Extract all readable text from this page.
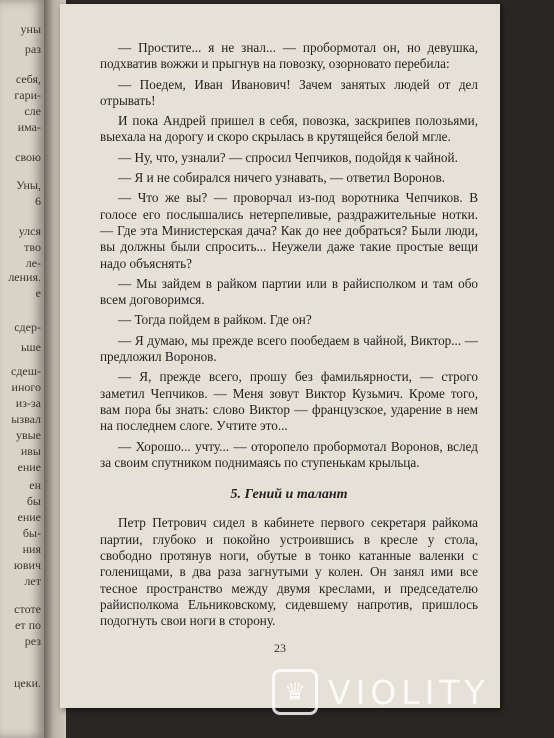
уны
раз
себя,
гари-
сле
има-
свою
Уны,
6
улся
тво
ле-
ления.
е
сдер-
ьше
сдеш-
иного
из-за
ызвал
увые
ивы
ение
ен
бы
ение
бы-
ния
ювич
лет
стоте
ет по
рез
цеки.

— Простите... я не знал... — пробормотал он, но девушка, подхватив вожжи и прыгнув на повозку, озорновато перебила:

— Поедем, Иван Иванович! Зачем занятых людей от дел отрывать!

И пока Андрей пришел в себя, повозка, заскрипев полозьями, выехала на дорогу и скоро скрылась в крутящейся белой мгле.

— Ну, что, узнали? — спросил Чепчиков, подойдя к чайной.

— Я и не собирался ничего узнавать, — ответил Воронов.

— Что же вы? — проворчал из-под воротника Чепчиков. В голосе его послышались нетерпеливые, раздражительные нотки. — Где эта Министерская дача? Как до нее добраться? Были люди, вы должны были спросить... Неужели даже такие простые вещи надо объяснять?

— Мы зайдем в райком партии или в райисполком и там обо всем договоримся.

— Тогда пойдем в райком. Где он?

— Я думаю, мы прежде всего пообедаем в чайной, Виктор... — предложил Воронов.

— Я, прежде всего, прошу без фамильярности, — строго заметил Чепчиков. — Меня зовут Виктор Кузьмич. Кроме того, вам пора бы знать: слово Виктор — французское, ударение в нем на последнем слоге. Учтите это...

— Хорошо... учту... — оторопело пробормотал Воронов, вслед за своим спутником поднимаясь по ступенькам крыльца.

5. Гений и талант

Петр Петрович сидел в кабинете первого секретаря райкома партии, глубоко и покойно устроившись в кресле у стола, свободно протянув ноги, обутые в тонко катанные валенки с голенищами, в два раза загнутыми у колен. Он занял ими все тесное пространство между двумя креслами, и председателю райисполкома Ельниковскому, сидевшему напротив, пришлось подогнуть свои ноги в сторону.

23
♛ VIOLITY
